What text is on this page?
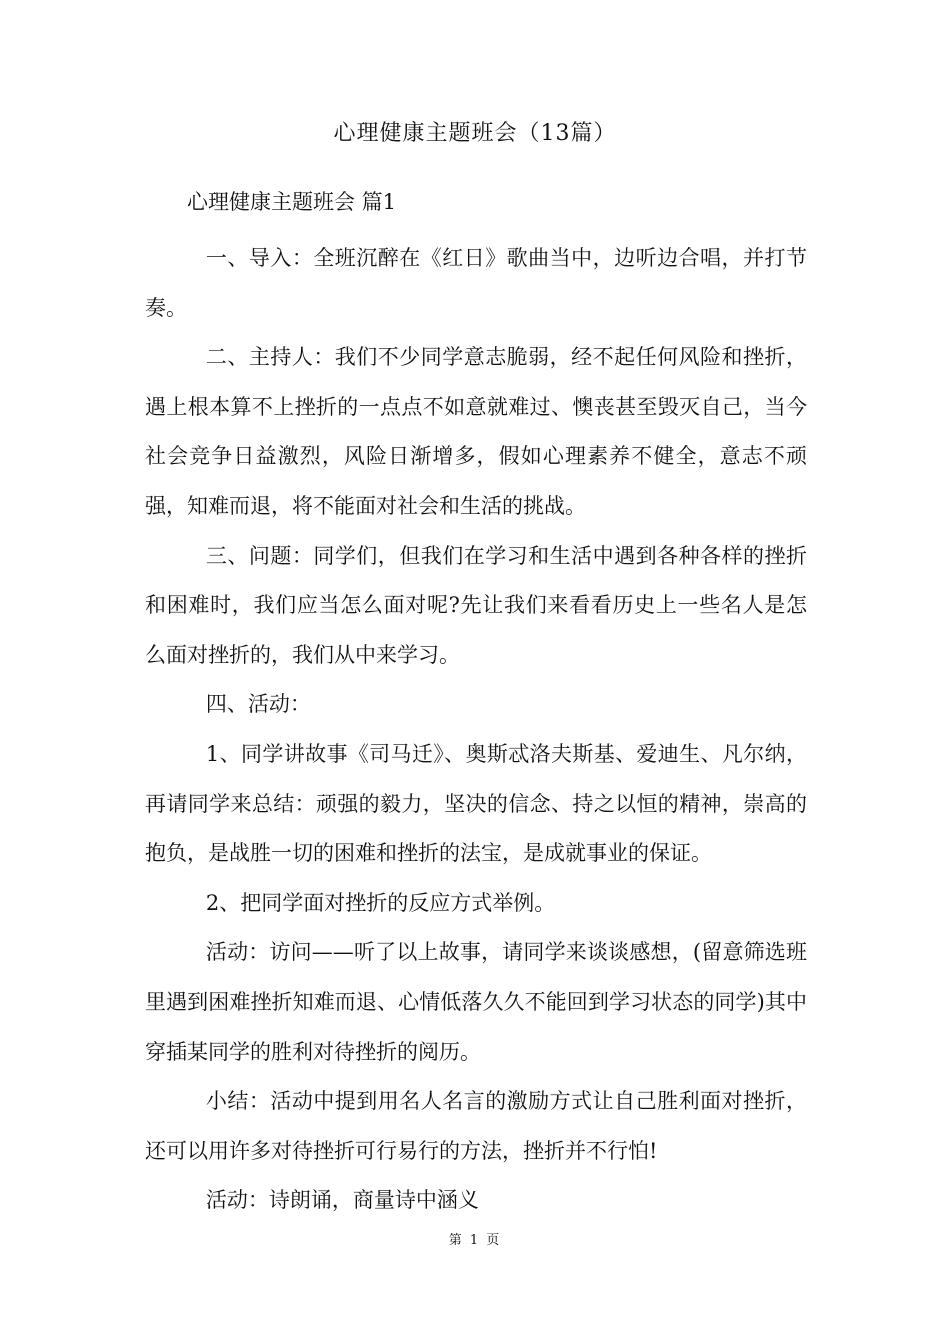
心理健康主题班会（13篇）
心理健康主题班会 篇1

一、导入：全班沉醉在《红日》歌曲当中，边听边合唱，并打节奏。

二、主持人：我们不少同学意志脆弱，经不起任何风险和挫折，遇上根本算不上挫折的一点点不如意就难过、懊丧甚至毁灭自己，当今社会竞争日益激烈，风险日渐增多，假如心理素养不健全，意志不顽强，知难而退，将不能面对社会和生活的挑战。

三、问题：同学们，但我们在学习和生活中遇到各种各样的挫折和困难时，我们应当怎么面对呢?先让我们来看看历史上一些名人是怎么面对挫折的，我们从中来学习。

四、活动：

1、同学讲故事《司马迁》、奥斯忒洛夫斯基、爱迪生、凡尔纳，再请同学来总结：顽强的毅力，坚决的信念、持之以恒的精神，崇高的抱负，是战胜一切的困难和挫折的法宝，是成就事业的保证。

2、把同学面对挫折的反应方式举例。

活动：访问——听了以上故事，请同学来谈谈感想，(留意筛选班里遇到困难挫折知难而退、心情低落久久不能回到学习状态的同学)其中穿插某同学的胜利对待挫折的阅历。

小结：活动中提到用名人名言的激励方式让自己胜利面对挫折，还可以用许多对待挫折可行易行的方法，挫折并不行怕!

活动：诗朗诵，商量诗中涵义

第 1 页
